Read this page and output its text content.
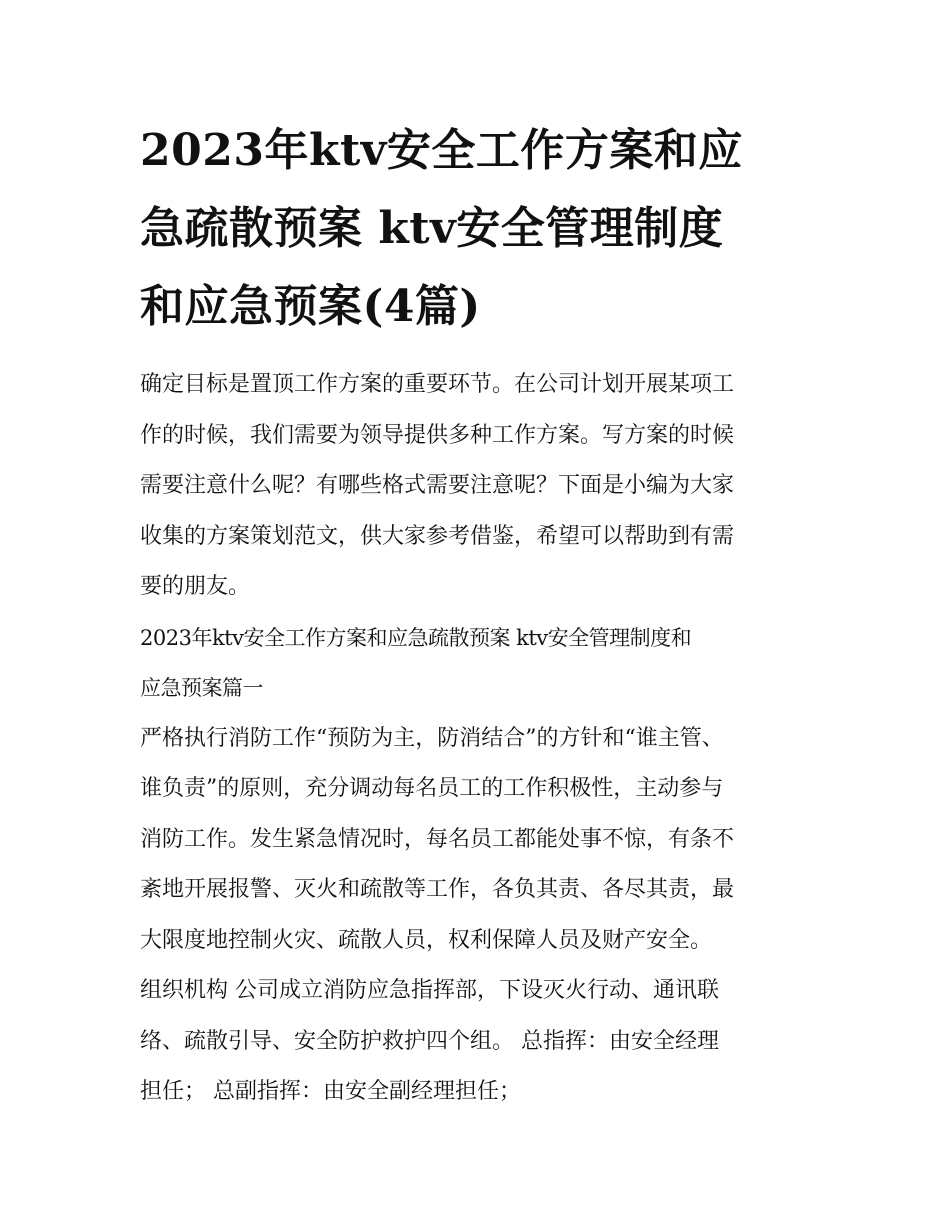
2023年ktv安全工作方案和应
急疏散预案 ktv安全管理制度
和应急预案(4篇)

确定目标是置顶工作方案的重要环节。在公司计划开展某项工
作的时候，我们需要为领导提供多种工作方案。写方案的时候
需要注意什么呢？有哪些格式需要注意呢？下面是小编为大家
收集的方案策划范文，供大家参考借鉴，希望可以帮助到有需
要的朋友。

2023年ktv安全工作方案和应急疏散预案 ktv安全管理制度和
应急预案篇一

严格执行消防工作“预防为主，防消结合”的方针和“谁主管、
谁负责”的原则，充分调动每名员工的工作积极性，主动参与
消防工作。发生紧急情况时，每名员工都能处事不惊，有条不
紊地开展报警、灭火和疏散等工作，各负其责、各尽其责，最
大限度地控制火灾、疏散人员，权利保障人员及财产安全。

组织机构 公司成立消防应急指挥部，下设灭火行动、通讯联
络、疏散引导、安全防护救护四个组。 总指挥：由安全经理
担任； 总副指挥：由安全副经理担任；
